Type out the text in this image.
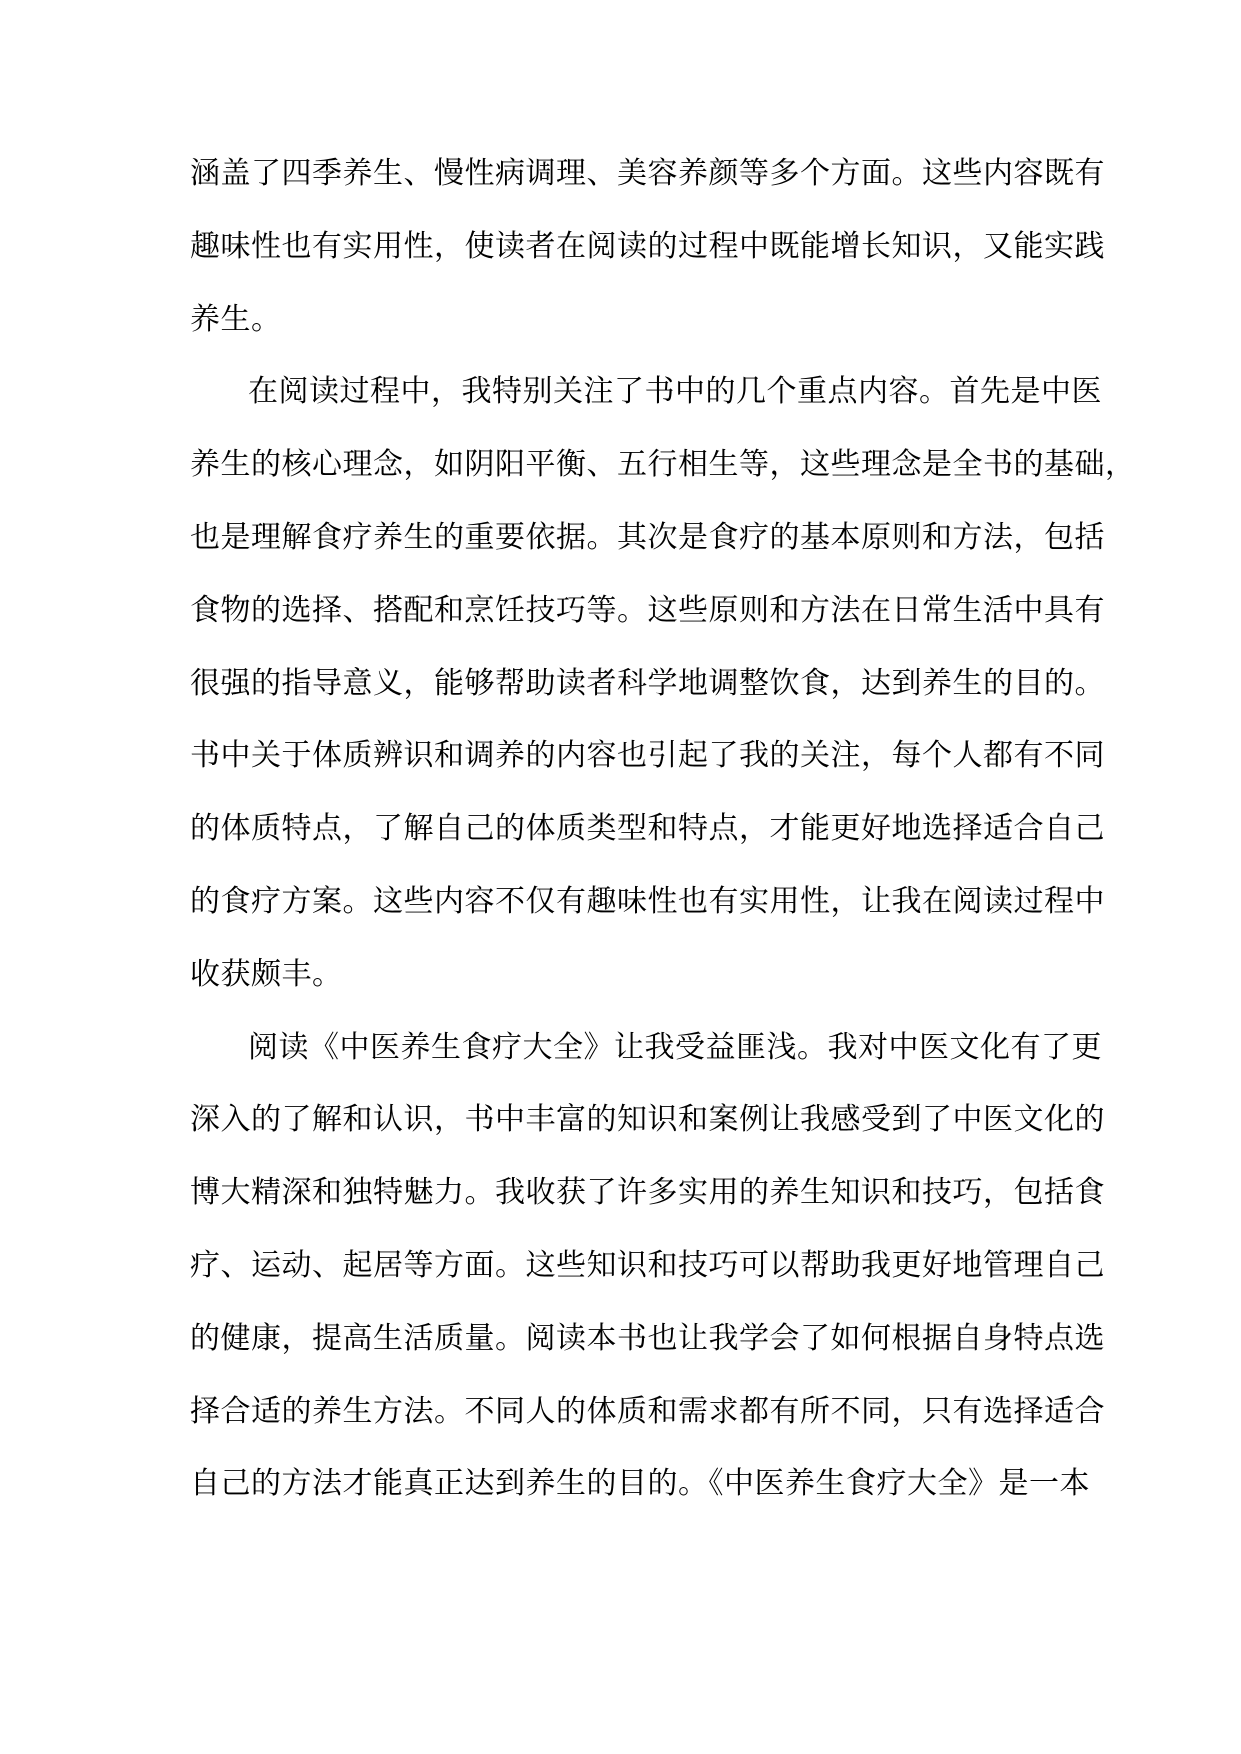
涵盖了四季养生、慢性病调理、美容养颜等多个方面。这些内容既有
趣味性也有实用性，使读者在阅读的过程中既能增长知识，又能实践
养生。
在阅读过程中，我特别关注了书中的几个重点内容。首先是中医
养生的核心理念，如阴阳平衡、五行相生等，这些理念是全书的基础，
也是理解食疗养生的重要依据。其次是食疗的基本原则和方法，包括
食物的选择、搭配和烹饪技巧等。这些原则和方法在日常生活中具有
很强的指导意义，能够帮助读者科学地调整饮食，达到养生的目的。
书中关于体质辨识和调养的内容也引起了我的关注，每个人都有不同
的体质特点，了解自己的体质类型和特点，才能更好地选择适合自己
的食疗方案。这些内容不仅有趣味性也有实用性，让我在阅读过程中
收获颇丰。
阅读《中医养生食疗大全》让我受益匪浅。我对中医文化有了更
深入的了解和认识，书中丰富的知识和案例让我感受到了中医文化的
博大精深和独特魅力。我收获了许多实用的养生知识和技巧，包括食
疗、运动、起居等方面。这些知识和技巧可以帮助我更好地管理自己
的健康，提高生活质量。阅读本书也让我学会了如何根据自身特点选
择合适的养生方法。不同人的体质和需求都有所不同，只有选择适合
自己的方法才能真正达到养生的目的。《中医养生食疗大全》是一本
